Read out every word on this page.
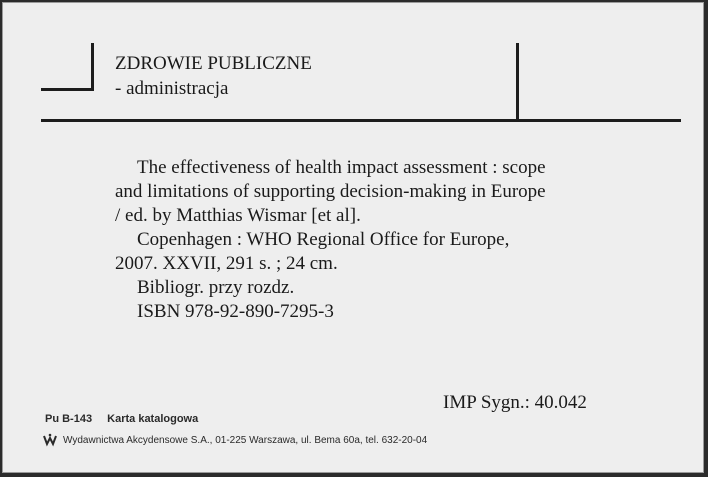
ZDROWIE PUBLICZNE
- administracja
The effectiveness of health impact assessment : scope
and limitations of supporting decision-making in Europe
/ ed. by Matthias Wismar [et al].
Copenhagen : WHO Regional Office for Europe,
2007. XXVII, 291 s. ; 24 cm.
Bibliogr. przy rozdz.
ISBN 978-92-890-7295-3
IMP Sygn.: 40.042
Pu B-143 Karta katalogowa
Wydawnictwa Akcydensowe S.A., 01-225 Warszawa, ul. Bema 60a, tel. 632-20-04
